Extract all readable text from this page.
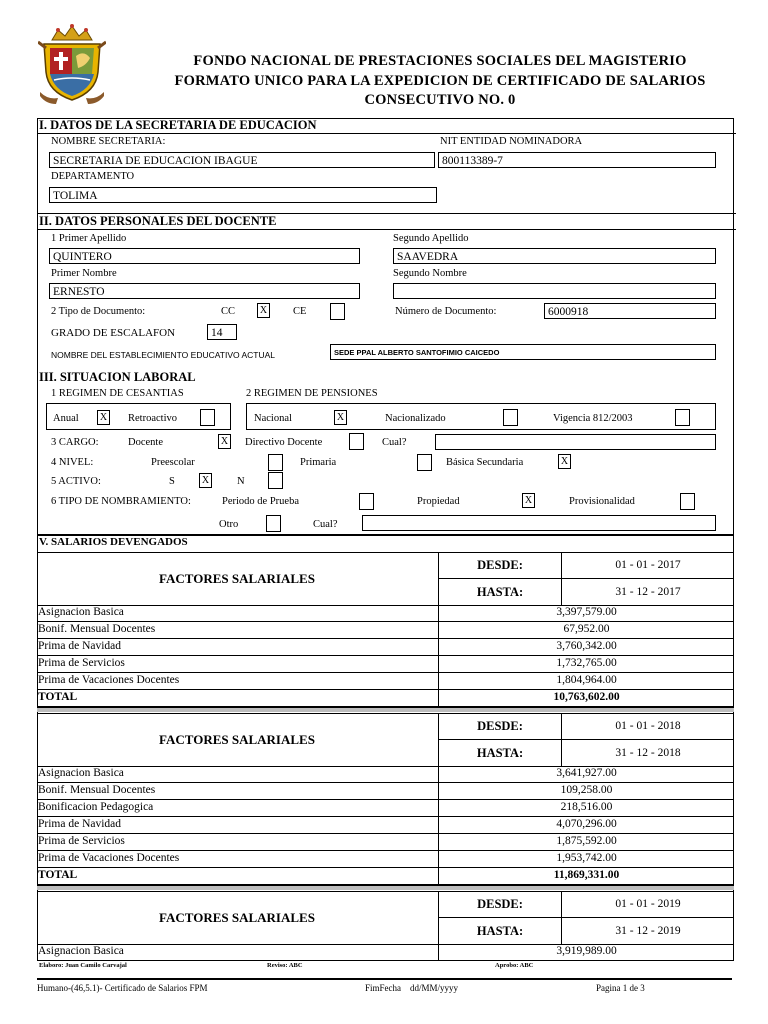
FONDO NACIONAL DE PRESTACIONES SOCIALES DEL MAGISTERIO
FORMATO UNICO PARA LA EXPEDICION DE CERTIFICADO DE SALARIOS
CONSECUTIVO NO. 0
I. DATOS DE LA SECRETARIA DE EDUCACION
NOMBRE SECRETARIA:	NIT ENTIDAD NOMINADORA
SECRETARIA DE EDUCACION IBAGUE	800113389-7
DEPARTAMENTO
TOLIMA
II. DATOS PERSONALES DEL DOCENTE
1 Primer Apellido	Segundo Apellido
QUINTERO	SAAVEDRA
Primer Nombre	Segundo Nombre
ERNESTO
2 Tipo de Documento:	CC X CE	Número de Documento:	6000918
GRADO DE ESCALAFON	14
NOMBRE DEL ESTABLECIMIENTO EDUCATIVO ACTUAL	SEDE PPAL ALBERTO SANTOFIMIO CAICEDO
III. SITUACION LABORAL
1 REGIMEN DE CESANTIAS	2 REGIMEN DE PENSIONES
Anual X Retroactivo	Nacional	X	Nacionalizado	Vigencia 812/2003
3 CARGO:	Docente	X Directivo Docente	Cual?
4 NIVEL:	Preescolar	Primaria	Básica Secundaria	X
5 ACTIVO:	S	X	N
6 TIPO DE NOMBRAMIENTO:	Periodo de Prueba	Propiedad	X	Provisionalidad
Otro	Cual?
V. SALARIOS DEVENGADOS
FACTORES SALARIALES
DESDE:	01 - 01 - 2017
HASTA:	31 - 12 - 2017
Asignacion Basica	3,397,579.00
Bonif. Mensual Docentes	67,952.00
Prima de Navidad	3,760,342.00
Prima de Servicios	1,732,765.00
Prima de Vacaciones Docentes	1,804,964.00
TOTAL	10,763,602.00
FACTORES SALARIALES
DESDE:	01 - 01 - 2018
HASTA:	31 - 12 - 2018
Asignacion Basica	3,641,927.00
Bonif. Mensual Docentes	109,258.00
Bonificacion Pedagogica	218,516.00
Prima de Navidad	4,070,296.00
Prima de Servicios	1,875,592.00
Prima de Vacaciones Docentes	1,953,742.00
TOTAL	11,869,331.00
FACTORES SALARIALES
DESDE:	01 - 01 - 2019
HASTA:	31 - 12 - 2019
Asignacion Basica	3,919,989.00
Elaboro: Juan Camilo Carvajal	Reviso: ABC	Aprobo: ABC
Humano-(46,5.1)- Certificado de Salarios FPM	FimFecha    dd/MM/yyyy	Pagina 1 de 3
